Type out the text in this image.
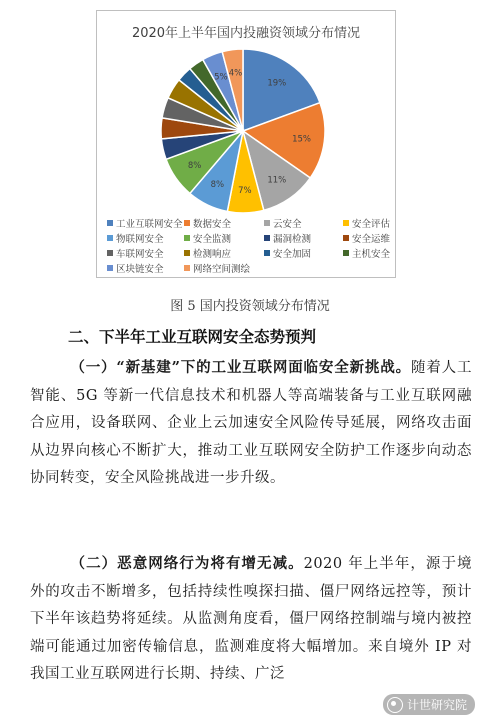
2020年上半年国内投融资领域分布情况
19%
15%
11%
7%
8%
8%
5% 4%
工业互联网安全 数据安全	云安全	安全评估
物联网安全	安全监测	漏洞检测	安全运维
车联网安全	检测响应	安全加固	主机安全
区块链安全	网络空间测绘
图 5 国内投资领域分布情况
二、下半年工业互联网安全态势预判

（一）“新基建”下的工业互联网面临安全新挑战。随着人工智能、5G 等新一代信息技术和机器人等高端装备与工业互联网融合应用，设备联网、企业上云加速安全风险传导延展，网络攻击面从边界向核心不断扩大，推动工业互联网安全防护工作逐步向动态协同转变，安全风险挑战进一步升级。

（二）恶意网络行为将有增无减。2020 年上半年，源于境外的攻击不断增多，包括持续性嗅探扫描、僵尸网络远控等，预计下半年该趋势将延续。从监测角度看，僵尸网络控制端与境内被控端可能通过加密传输信息，监测难度将大幅增加。来自境外 IP 对我国工业互联网进行长期、持续、广泛

计世研究院
